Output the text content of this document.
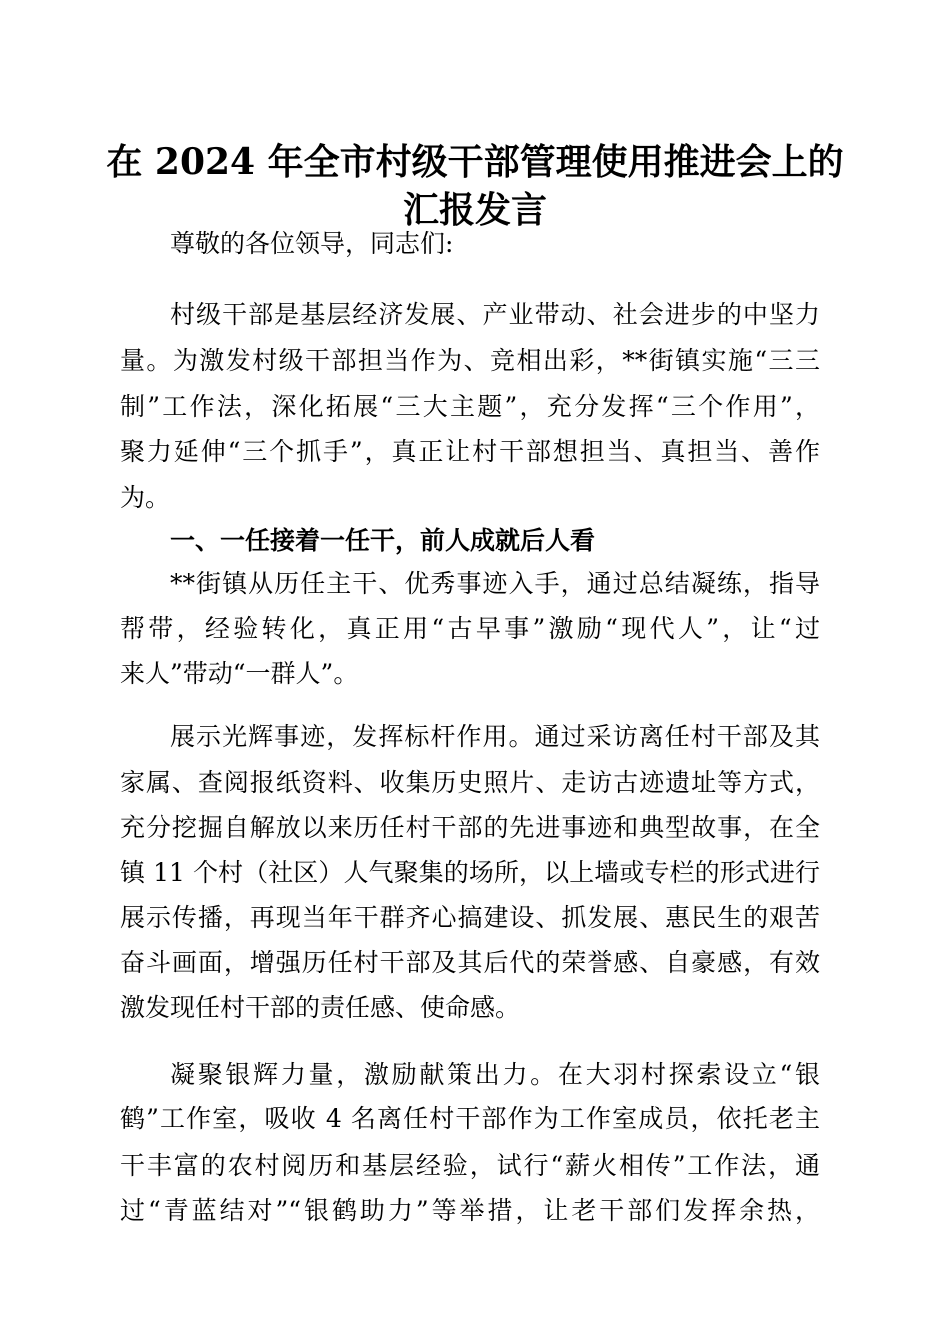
在 2024 年全市村级干部管理使用推进会上的
汇报发言
尊敬的各位领导，同志们:
村级干部是基层经济发展、产业带动、社会进步的中坚力
量。为激发村级干部担当作为、竞相出彩，**街镇实施“三三
制”工作法，深化拓展“三大主题”，充分发挥“三个作用”，
聚力延伸“三个抓手”，真正让村干部想担当、真担当、善作
为。
一、一任接着一任干，前人成就后人看
**街镇从历任主干、优秀事迹入手，通过总结凝练，指导
帮带，经验转化，真正用“古早事”激励“现代人”，让“过
来人”带动“一群人”。
展示光辉事迹，发挥标杆作用。通过采访离任村干部及其
家属、查阅报纸资料、收集历史照片、走访古迹遗址等方式，
充分挖掘自解放以来历任村干部的先进事迹和典型故事，在全
镇 11 个村（社区）人气聚集的场所，以上墙或专栏的形式进行
展示传播，再现当年干群齐心搞建设、抓发展、惠民生的艰苦
奋斗画面，增强历任村干部及其后代的荣誉感、自豪感，有效
激发现任村干部的责任感、使命感。
凝聚银辉力量，激励献策出力。在大羽村探索设立“银
鹤”工作室，吸收 4 名离任村干部作为工作室成员，依托老主
干丰富的农村阅历和基层经验，试行“薪火相传”工作法，通
过“青蓝结对”“银鹤助力”等举措，让老干部们发挥余热，
